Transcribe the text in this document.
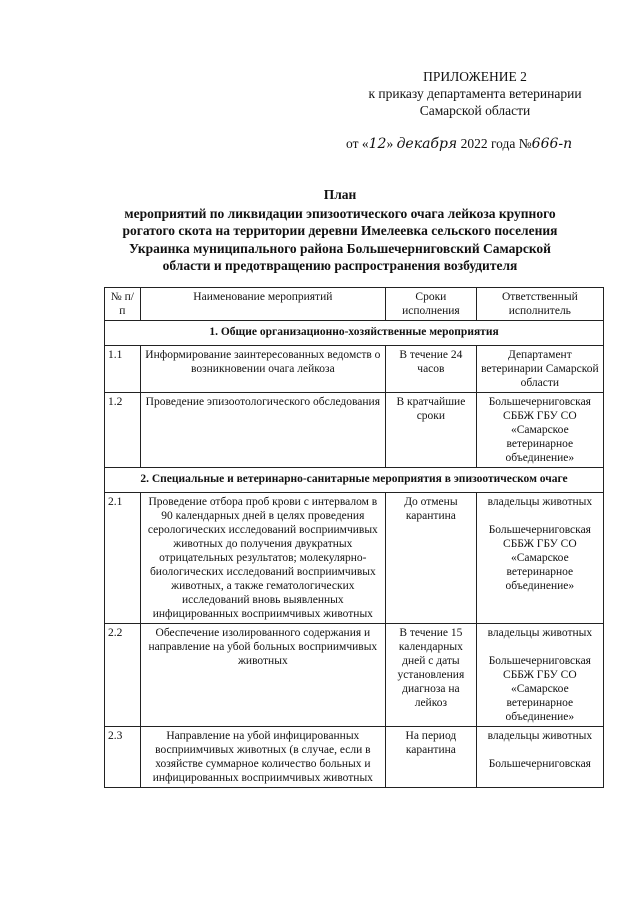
ПРИЛОЖЕНИЕ 2
к приказу департамента ветеринарии
Самарской области
от «12» декабря 2022 года №666-п
План
мероприятий по ликвидации эпизоотического очага лейкоза крупного
рогатого скота на территории деревни Имелеевка сельского поселения
Украинка муниципального района Большечерниговский Самарской
области и предотвращению распространения возбудителя
№ п/п	Наименование мероприятий	Сроки исполнения	Ответственный исполнитель
1. Общие организационно-хозяйственные мероприятия			
1.1	Информирование заинтересованных ведомств о возникновении очага лейкоза	В течение 24 часов	Департамент ветеринарии Самарской области

1.2	Проведение эпизоотологического обследования	В кратчайшие сроки	Большечерниговская СББЖ ГБУ СО «Самарское ветеринарное объединение»

2. Специальные и ветеринарно-санитарные мероприятия в эпизоотическом очаге			
2.1	Проведение отбора проб крови с интервалом в 90 календарных дней в целях проведения серологических исследований восприимчивых животных до получения двукратных отрицательных результатов; молекулярно-биологических исследований восприимчивых животных, а также гематологических исследований вновь выявленных инфицированных восприимчивых животных	До отмены карантина	владельцы животных
Большечерниговская СББЖ ГБУ СО «Самарское ветеринарное объединение»

2.2	Обеспечение изолированного содержания и направление на убой больных восприимчивых животных	В течение 15 календарных дней с даты установления диагноза на лейкоз	владельцы животных
Большечерниговская СББЖ ГБУ СО «Самарское ветеринарное объединение»

2.3	Направление на убой инфицированных восприимчивых животных (в случае, если в хозяйстве суммарное количество больных и инфицированных восприимчивых животных	На период карантина	владельцы животных
Большечерниговская
